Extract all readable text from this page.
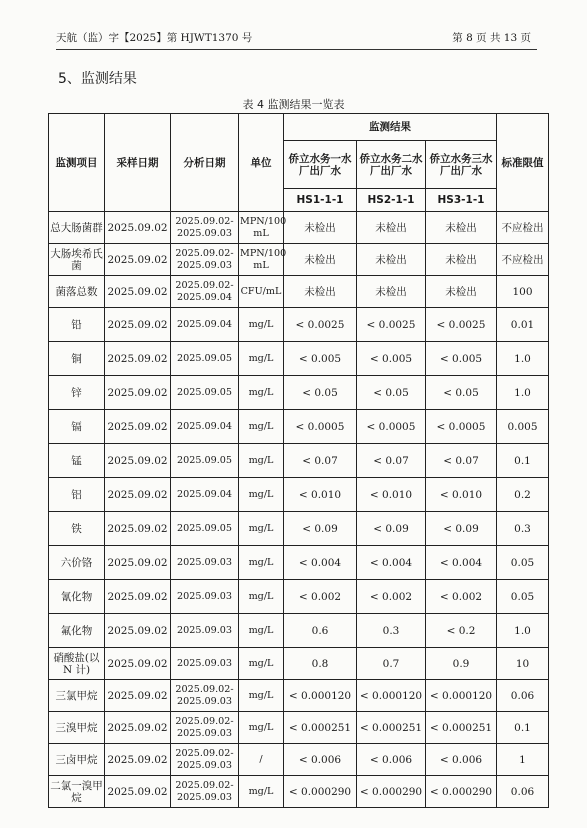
天航（监）字【2025】第 HJWT1370 号	第 8 页 共 13 页
5、监测结果
表 4 监测结果一览表
监测项目	采样日期	分析日期	单位	监测结果			标准限值
				侨立水务一水厂出厂水	侨立水务二水厂出厂水	侨立水务三水厂出厂水	
				HS1-1-1	HS2-1-1	HS3-1-1	
总大肠菌群	2025.09.02	2025.09.02-2025.09.03	MPN/100 mL	未检出	未检出	未检出	不应检出
大肠埃希氏菌	2025.09.02	2025.09.02-2025.09.03	MPN/100 mL	未检出	未检出	未检出	不应检出
菌落总数	2025.09.02	2025.09.02-2025.09.04	CFU/mL	未检出	未检出	未检出	100
铅	2025.09.02	2025.09.04	mg/L	< 0.0025	< 0.0025	< 0.0025	0.01
铜	2025.09.02	2025.09.05	mg/L	< 0.005	< 0.005	< 0.005	1.0
锌	2025.09.02	2025.09.05	mg/L	< 0.05	< 0.05	< 0.05	1.0
镉	2025.09.02	2025.09.04	mg/L	< 0.0005	< 0.0005	< 0.0005	0.005
锰	2025.09.02	2025.09.05	mg/L	< 0.07	< 0.07	< 0.07	0.1
铝	2025.09.02	2025.09.04	mg/L	< 0.010	< 0.010	< 0.010	0.2
铁	2025.09.02	2025.09.05	mg/L	< 0.09	< 0.09	< 0.09	0.3
六价铬	2025.09.02	2025.09.03	mg/L	< 0.004	< 0.004	< 0.004	0.05
氰化物	2025.09.02	2025.09.03	mg/L	< 0.002	< 0.002	< 0.002	0.05
氟化物	2025.09.02	2025.09.03	mg/L	0.6	0.3	< 0.2	1.0
硝酸盐(以 N 计)	2025.09.02	2025.09.03	mg/L	0.8	0.7	0.9	10
三氯甲烷	2025.09.02	2025.09.02-2025.09.03	mg/L	< 0.000120	< 0.000120	< 0.000120	0.06
三溴甲烷	2025.09.02	2025.09.02-2025.09.03	mg/L	< 0.000251	< 0.000251	< 0.000251	0.1
三卤甲烷	2025.09.02	2025.09.02-2025.09.03	/	< 0.006	< 0.006	< 0.006	1
二氯一溴甲烷	2025.09.02	2025.09.02-2025.09.03	mg/L	< 0.000290	< 0.000290	< 0.000290	0.06
